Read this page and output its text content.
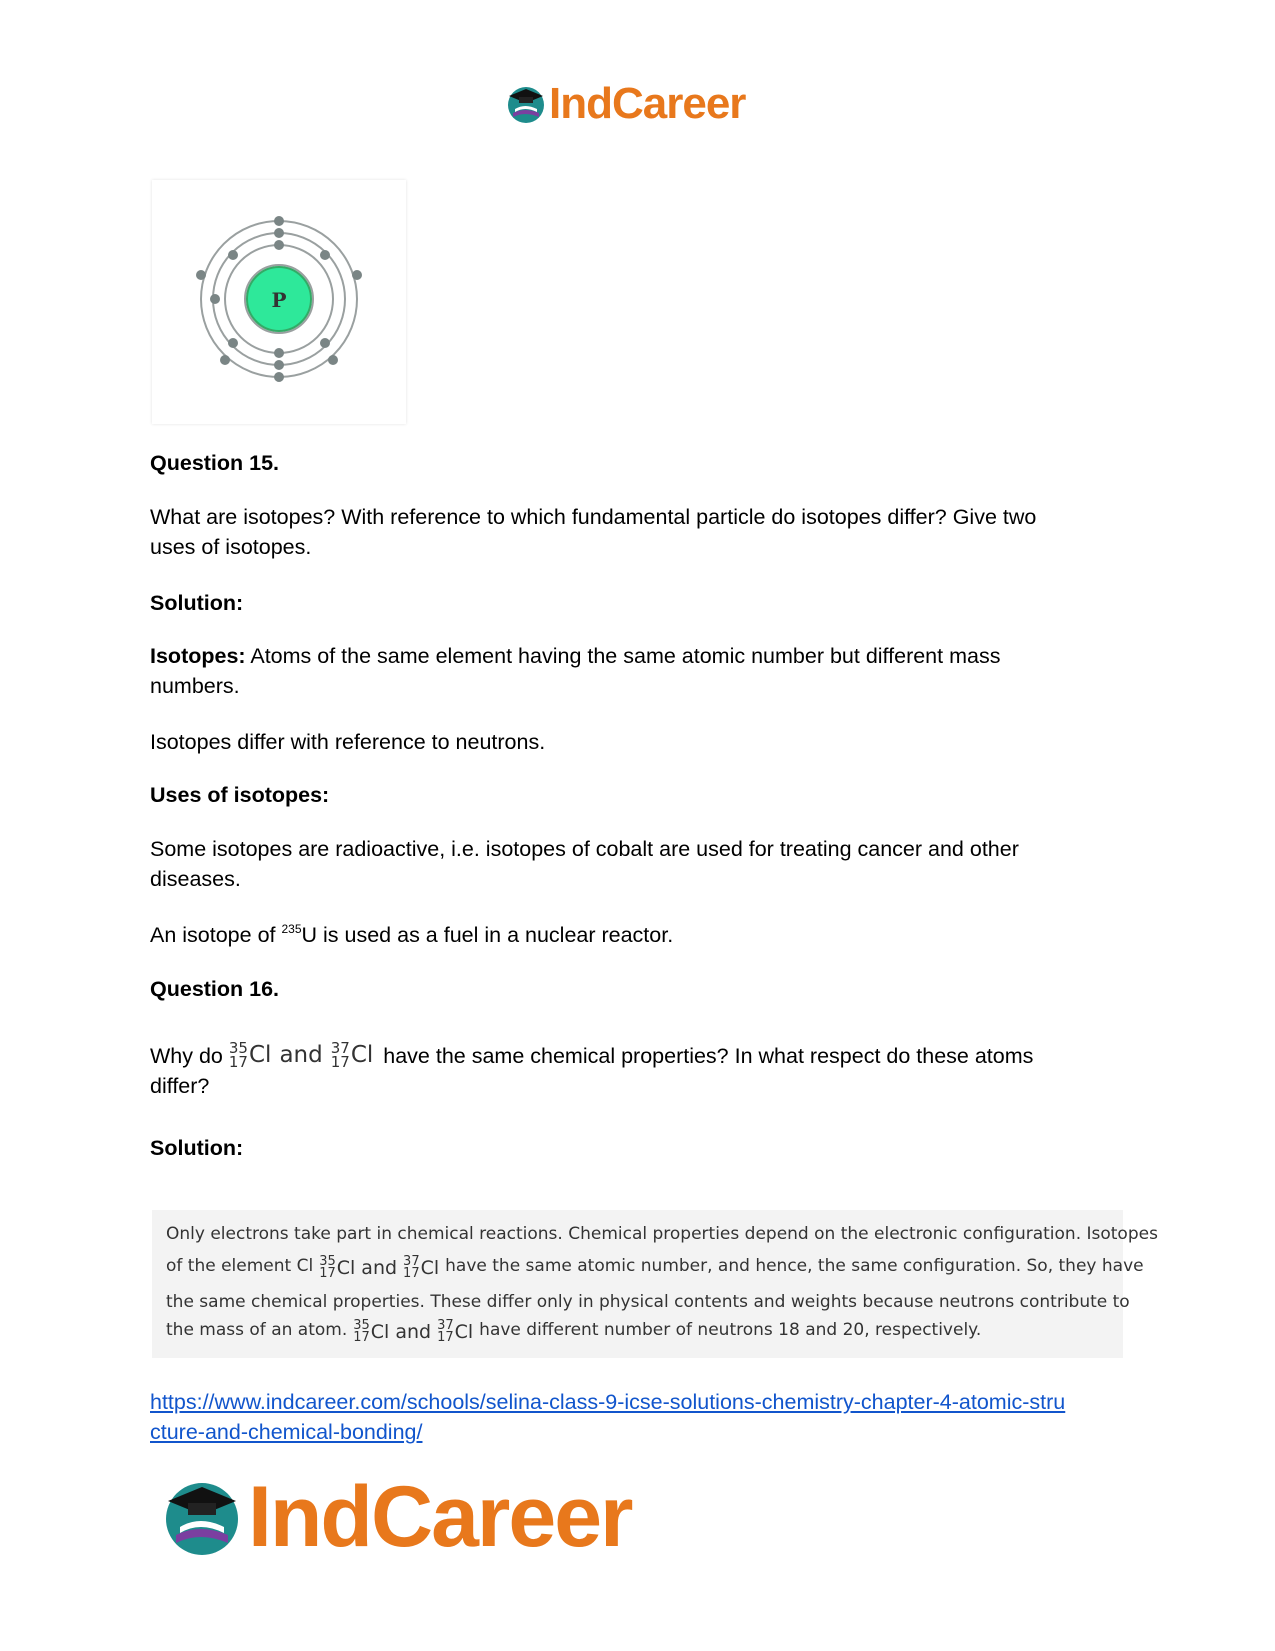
IndCareer
P
Question 15.
What are isotopes? With reference to which fundamental particle do isotopes differ? Give two
uses of isotopes.
Solution:
Isotopes: Atoms of the same element having the same atomic number but different mass
numbers.
Isotopes differ with reference to neutrons.
Uses of isotopes:
Some isotopes are radioactive, i.e. isotopes of cobalt are used for treating cancer and other
diseases.
An isotope of $^{235}$U is used as a fuel in a nuclear reactor.
Question 16.
Why do 35
17 Cl and 37
17 Cl have the same chemical properties? In what respect do these atoms
differ?
Solution:
Only electrons take part in chemical reactions. Chemical properties depend on the electronic configuration. Isotopes
of the element Cl 35
17 Cl and 37
17 Cl have the same atomic number, and hence, the same configuration. So, they have
the same chemical properties. These differ only in physical contents and weights because neutrons contribute to
the mass of an atom. 35
17 Cl and 37
17 Cl have different number of neutrons 18 and 20, respectively.
https://www.indcareer.com/schools/selina-class-9-icse-solutions-chemistry-chapter-4-atomic-stru
cture-and-chemical-bonding/
IndCareer
